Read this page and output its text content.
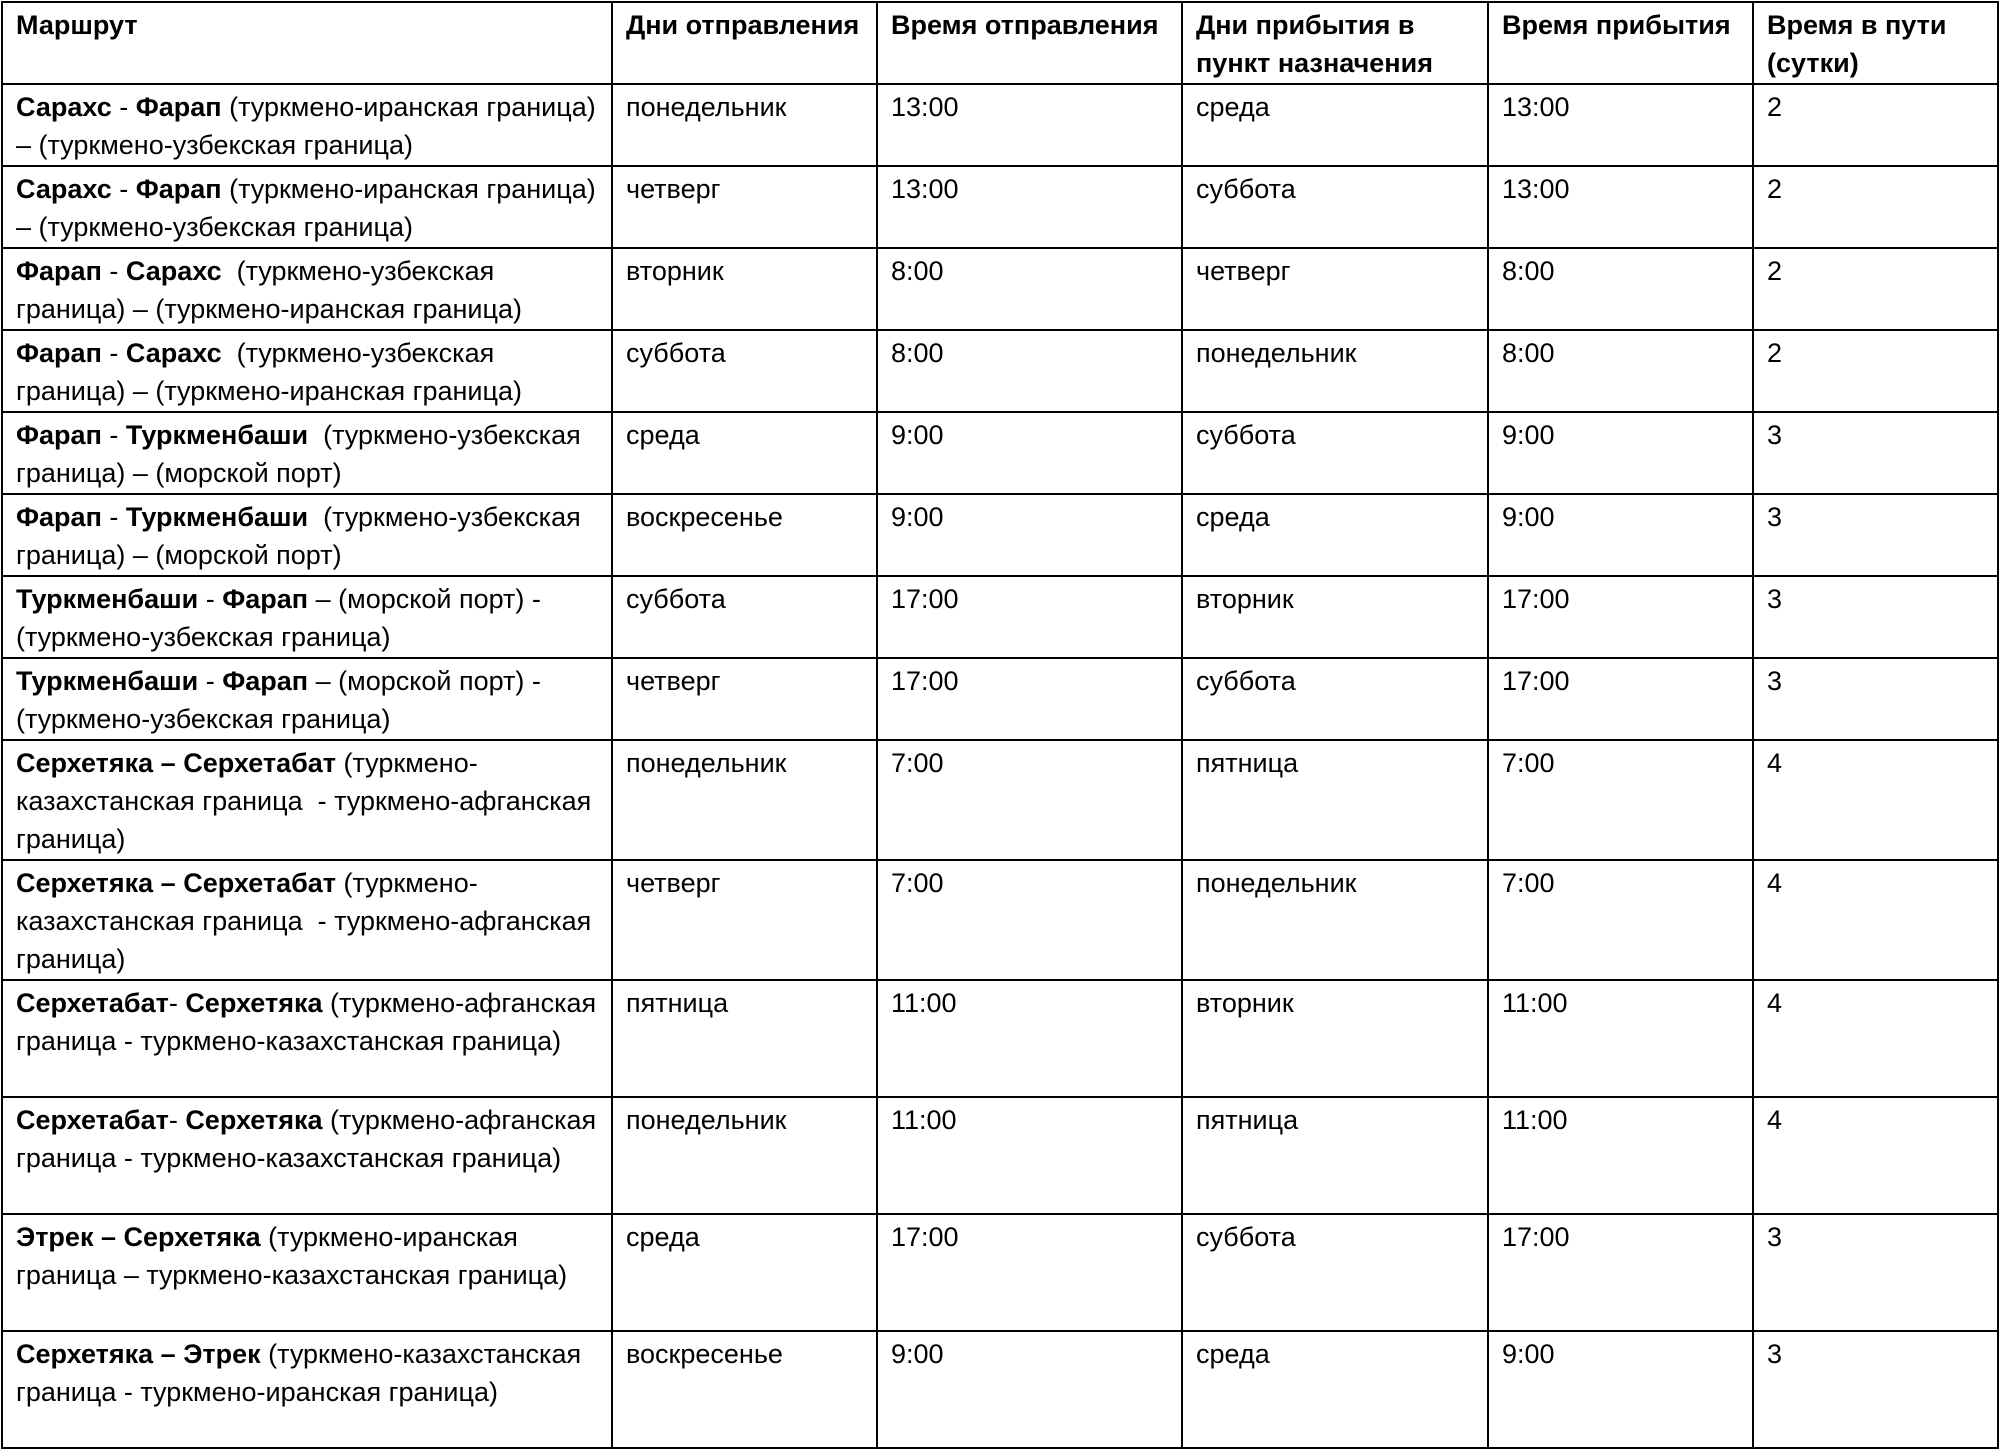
Маршрут	Дни отправления	Время отправления	Дни прибытия в пункт назначения	Время прибытия	Время в пути (сутки)
Сарахс - Фарап (туркмено-иранская граница) – (туркмено-узбекская граница)	понедельник	13:00	среда	13:00	2
Сарахс - Фарап (туркмено-иранская граница) – (туркмено-узбекская граница)	четверг	13:00	суббота	13:00	2
Фарап - Сарахс  (туркмено-узбекская граница) – (туркмено-иранская граница)	вторник	8:00	четверг	8:00	2
Фарап - Сарахс  (туркмено-узбекская граница) – (туркмено-иранская граница)	суббота	8:00	понедельник	8:00	2
Фарап - Туркменбаши  (туркмено-узбекская граница) – (морской порт)	среда	9:00	суббота	9:00	3
Фарап - Туркменбаши  (туркмено-узбекская граница) – (морской порт)	воскресенье	9:00	среда	9:00	3
Туркменбаши - Фарап – (морской порт) - (туркмено-узбекская граница)	суббота	17:00	вторник	17:00	3
Туркменбаши - Фарап – (морской порт) - (туркмено-узбекская граница)	четверг	17:00	суббота	17:00	3
Серхетяка – Серхетабат (туркмено-казахстанская граница  - туркмено-афганская граница)	понедельник	7:00	пятница	7:00	4
Серхетяка – Серхетабат (туркмено-казахстанская граница  - туркмено-афганская граница)	четверг	7:00	понедельник	7:00	4
Серхетабат- Серхетяка (туркмено-афганская граница - туркмено-казахстанская граница)	пятница	11:00	вторник	11:00	4
Серхетабат- Серхетяка (туркмено-афганская граница - туркмено-казахстанская граница)	понедельник	11:00	пятница	11:00	4
Этрек – Серхетяка (туркмено-иранская граница – туркмено-казахстанская граница)	среда	17:00	суббота	17:00	3
Серхетяка – Этрек (туркмено-казахстанская граница - туркмено-иранская граница)	воскресенье	9:00	среда	9:00	3
